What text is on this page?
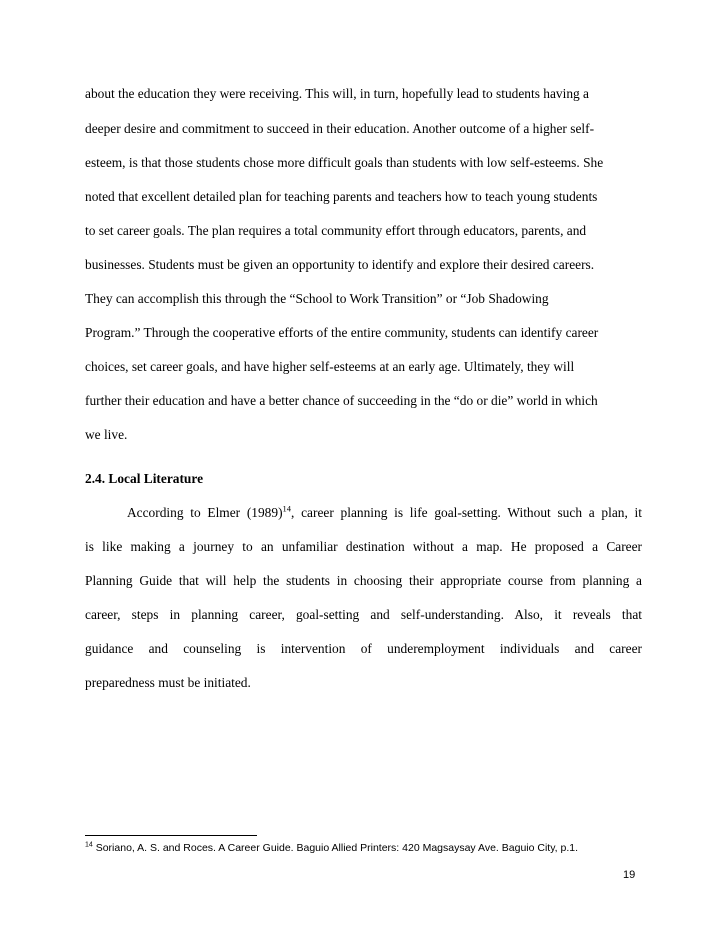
about the education they were receiving. This will, in turn, hopefully lead to students having a
deeper desire and commitment to succeed in their education. Another outcome of a higher self-
esteem, is that those students chose more difficult goals than students with low self-esteems. She
noted that excellent detailed plan for teaching parents and teachers how to teach young students
to set career goals. The plan requires a total community effort through educators, parents, and
businesses. Students must be given an opportunity to identify and explore their desired careers.
They can accomplish this through the “School to Work Transition” or “Job Shadowing
Program.” Through the cooperative efforts of the entire community, students can identify career
choices, set career goals, and have higher self-esteems at an early age. Ultimately, they will
further their education and have a better chance of succeeding in the “do or die” world in which
we live.
2.4. Local Literature
According to Elmer (1989)$^{14}$, career planning is life goal-setting. Without such a plan, it
is like making a journey to an unfamiliar destination without a map. He proposed a Career
Planning Guide that will help the students in choosing their appropriate course from planning a
career, steps in planning career, goal-setting and self-understanding. Also, it reveals that
guidance and counseling is intervention of underemployment individuals and career
preparedness must be initiated.
$^{14}$ Soriano, A. S. and Roces. A Career Guide. Baguio Allied Printers: 420 Magsaysay Ave. Baguio City, p.1.
19
